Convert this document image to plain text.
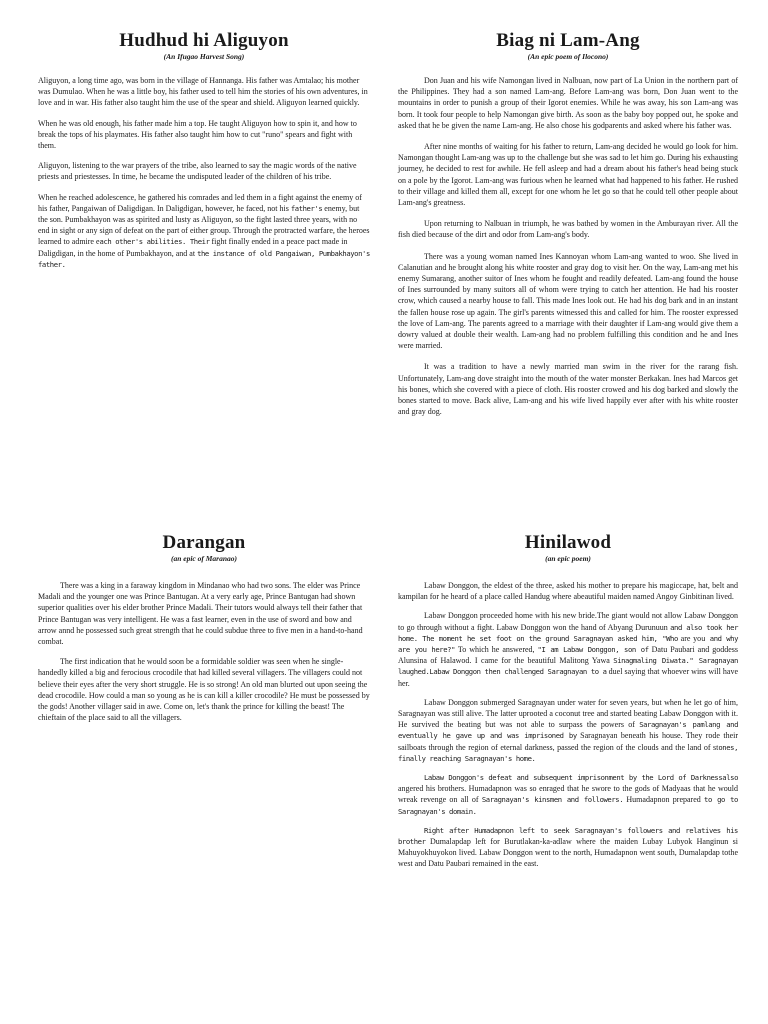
Hudhud hi Aliguyon
(An Ifugao Harvest Song)

Aliguyon, a long time ago, was born in the village of Hannanga. His father was Amtalao; his mother was Dumulao. When he was a little boy, his father used to tell him the stories of his own adventures, in love and in war. His father also taught him the use of the spear and shield. Aliguyon learned quickly.

When he was old enough, his father made him a top. He taught Aliguyon how to spin it, and how to break the tops of his playmates. His father also taught him how to cut "runo" spears and fight with them.

Aliguyon, listening to the war prayers of the tribe, also learned to say the magic words of the native priests and priestesses. In time, he became the undisputed leader of the children of his tribe.

When he reached adolescence, he gathered his comrades and led them in a fight against the enemy of his father, Pangaiwan of Daligdigan. In Daligdigan, however, he faced, not his father's enemy, but the son. Pumbakhayon was as spirited and lusty as Aliguyon, so the fight lasted three years, with no end in sight or any sign of defeat on the part of either group. Through the protracted warfare, the heroes learned to admire each other's abilities. Their fight finally ended in a peace pact made in Daligdigan, in the home of Pumbakhayon, and at the instance of old Pangaiwan, Pumbakhayon's father.

Biag ni Lam-Ang
(An epic poem of Ilocono)

Don Juan and his wife Namongan lived in Nalbuan, now part of La Union in the northern part of the Philippines. They had a son named Lam-ang. Before Lam-ang was born, Don Juan went to the mountains in order to punish a group of their Igorot enemies. While he was away, his son Lam-ang was born. It took four people to help Namongan give birth. As soon as the baby boy popped out, he spoke and asked that he be given the name Lam-ang. He also chose his godparents and asked where his father was.

After nine months of waiting for his father to return, Lam-ang decided he would go look for him. Namongan thought Lam-ang was up to the challenge but she was sad to let him go. During his exhausting journey, he decided to rest for awhile. He fell asleep and had a dream about his father's head being stuck on a pole by the Igorot. Lam-ang was furious when he learned what had happened to his father. He rushed to their village and killed them all, except for one whom he let go so that he could tell other people about Lam-ang's greatness.

Upon returning to Nalbuan in triumph, he was bathed by women in the Amburayan river. All the fish died because of the dirt and odor from Lam-ang's body.

There was a young woman named Ines Kannoyan whom Lam-ang wanted to woo. She lived in Calanutian and he brought along his white rooster and gray dog to visit her. On the way, Lam-ang met his enemy Sumarang, another suitor of Ines whom he fought and readily defeated. Lam-ang found the house of Ines surrounded by many suitors all of whom were trying to catch her attention. He had his rooster crow, which caused a nearby house to fall. This made Ines look out. He had his dog bark and in an instant the fallen house rose up again. The girl's parents witnessed this and called for him. The rooster expressed the love of Lam-ang. The parents agreed to a marriage with their daughter if Lam-ang would give them a dowry valued at double their wealth. Lam-ang had no problem fulfilling this condition and he and Ines were married.

It was a tradition to have a newly married man swim in the river for the rarang fish. Unfortunately, Lam-ang dove straight into the mouth of the water monster Berkakan. Ines had Marcos get his bones, which she covered with a piece of cloth. His rooster crowed and his dog barked and slowly the bones started to move. Back alive, Lam-ang and his wife lived happily ever after with his white rooster and gray dog.

Darangan
(an epic of Maranao)

There was a king in a faraway kingdom in Mindanao who had two sons. The elder was Prince Madali and the younger one was Prince Bantugan. At a very early age, Prince Bantugan had shown superior qualities over his elder brother Prince Madali. Their tutors would always tell their father that Prince Bantugan was very intelligent. He was a fast learner, even in the use of sword and bow and arrow annd he possessed such great strength that he could subdue three to five men in a hand-to-hand combat.

The first indication that he would soon be a formidable soldier was seen when he single-handedly killed a big and ferocious crocodile that had killed several villagers. The villagers could not believe their eyes after the very short struggle. He is so strong! An old man blurted out upon seeing the dead crocodile. How could a man so young as he is can kill a killer crocodile? He must be possessed by the gods! Another villager said in awe. Come on, let's thank the prince for killing the beast! The chieftain of the place said to all the villagers.

Hinilawod
(an epic poem)

Labaw Donggon, the eldest of the three, asked his mother to prepare his magiccape, hat, belt and kampilan for he heard of a place called Handug where abeautiful maiden named Angoy Ginbitinan lived.

Labaw Donggon proceeded home with his new bride.The giant would not allow Labaw Donggon to go through without a fight. Labaw Donggon won the hand of Abyang Durunuun and also took her home. The moment he set foot on the ground Saragnayan asked him, "Who are you and why are you here?" To which he answered, "I am Labaw Donggon, son of Datu Paubari and goddess Alunsina of Halawod. I came for the beautiful Malitong Yawa Sinagmaling Diwata." Saragnayan laughed.Labaw Donggon then challenged Saragnayan to a duel saying that whoever wins will have her.

Labaw Donggon submerged Saragnayan under water for seven years, but when he let go of him, Saragnayan was still alive. The latter uprooted a coconut tree and started beating Labaw Donggon with it. He survived the beating but was not able to surpass the powers of Saragnayan's pamlang and eventually he gave up and was imprisoned by Saragnayan beneath his house. They rode their sailboats through the region of eternal darkness, passed the region of the clouds and the land of stones, finally reaching Saragnayan's home.

Labaw Donggon's defeat and subsequent imprisonment by the Lord of Darknessalso angered his brothers. Humadapnon was so enraged that he swore to the gods of Madyaas that he would wreak revenge on all of Saragnayan's kinsmen and followers. Humadapnon prepared to go to Saragnayan's domain.

Right after Humadapnon left to seek Saragnayan's followers and relatives his brother Dumalapdap left for Burutlakan-ka-adlaw where the maiden Lubay Lubyok Hanginun si Mahuyokhuyokon lived. Labaw Donggon went to the north, Humadapnon went south, Dumalapdap tothe west and Datu Paubari remained in the east.
